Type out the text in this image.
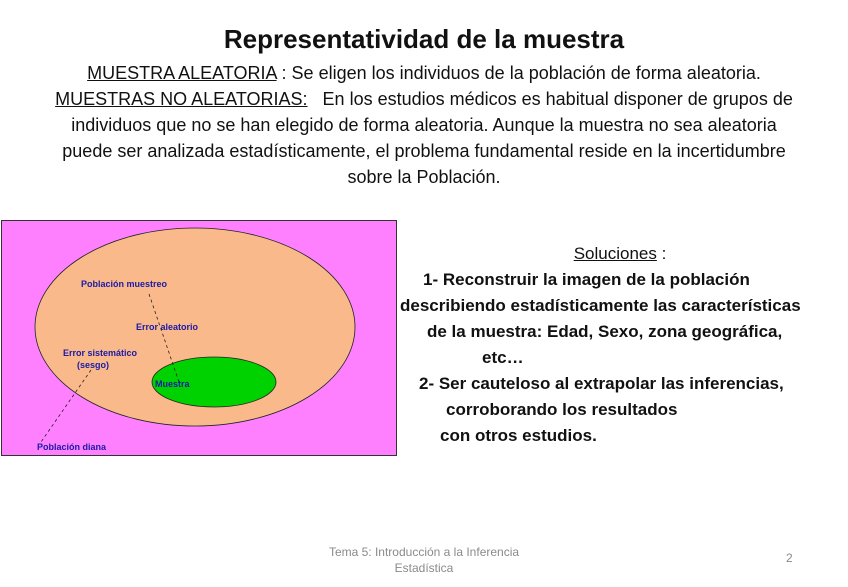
Representatividad de la muestra

MUESTRA ALEATORIA : Se eligen los individuos de la población de forma aleatoria.

MUESTRAS NO ALEATORIAS:   En los estudios médicos es habitual disponer de grupos de

individuos que no se han elegido de forma aleatoria. Aunque la muestra no sea aleatoria

puede ser analizada estadísticamente, el problema fundamental reside en la incertidumbre

sobre la Población.

Población muestreo
Error aleatorio
Error sistemático
(sesgo)
Muestra
Población diana
Soluciones :
1- Reconstruir la imagen de la población
describiendo estadísticamente las características
de la muestra: Edad, Sexo, zona geográfica,
etc…
2- Ser cauteloso al extrapolar las inferencias,
corroborando los resultados
con otros estudios.
Tema 5: Introducción a la Inferencia
Estadística
2
